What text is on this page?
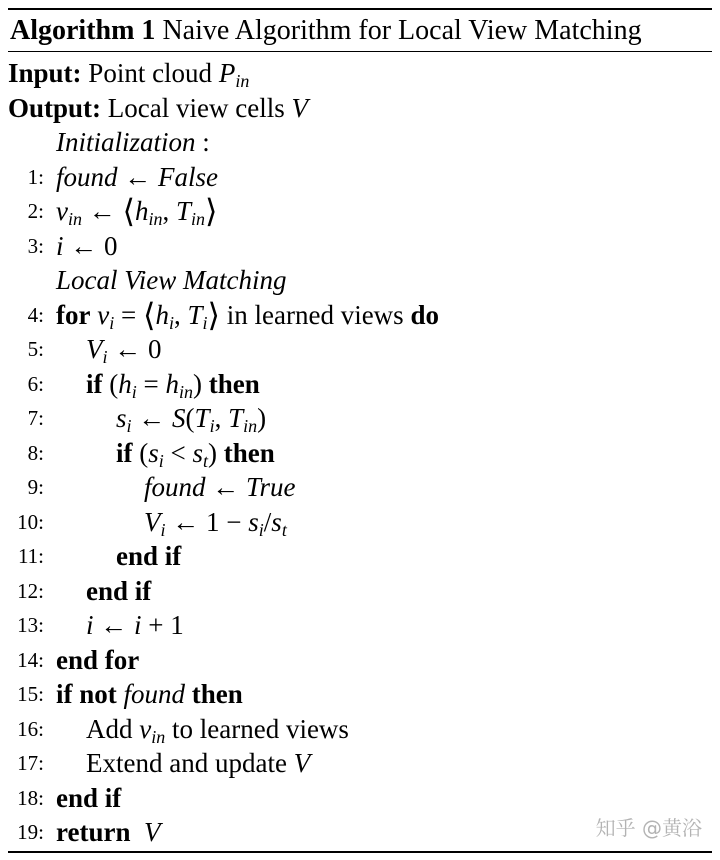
Algorithm 1 Naive Algorithm for Local View Matching
Input: Point cloud $P_{in}$
Output: Local view cells V
Initialization :
1: found ← False
2: $v_{in}$ ← $⟨h_{in}$, $T_{in}⟩$
3: i ← 0
Local View Matching
4: for $v_i$ = $⟨h_i$, $T_i⟩$ in learned views do
5: $V_i$ ← 0
6: if $(h_i = h_{in})$ then
7:	$s_i$ ← $S(T_i$, $T_{in}$)
8:	if $(s_i < s_t)$ then
9:	found ← True
10:	$V_i$ ← $1 - s_i/s_t$
11:	end if
12: end if
13: i ← i + 1
14: end for
15: if not found then
16: Add $v_{in}$ to learned views
17: Extend and update V
18: end if
19: return V	知乎 @黄浴
